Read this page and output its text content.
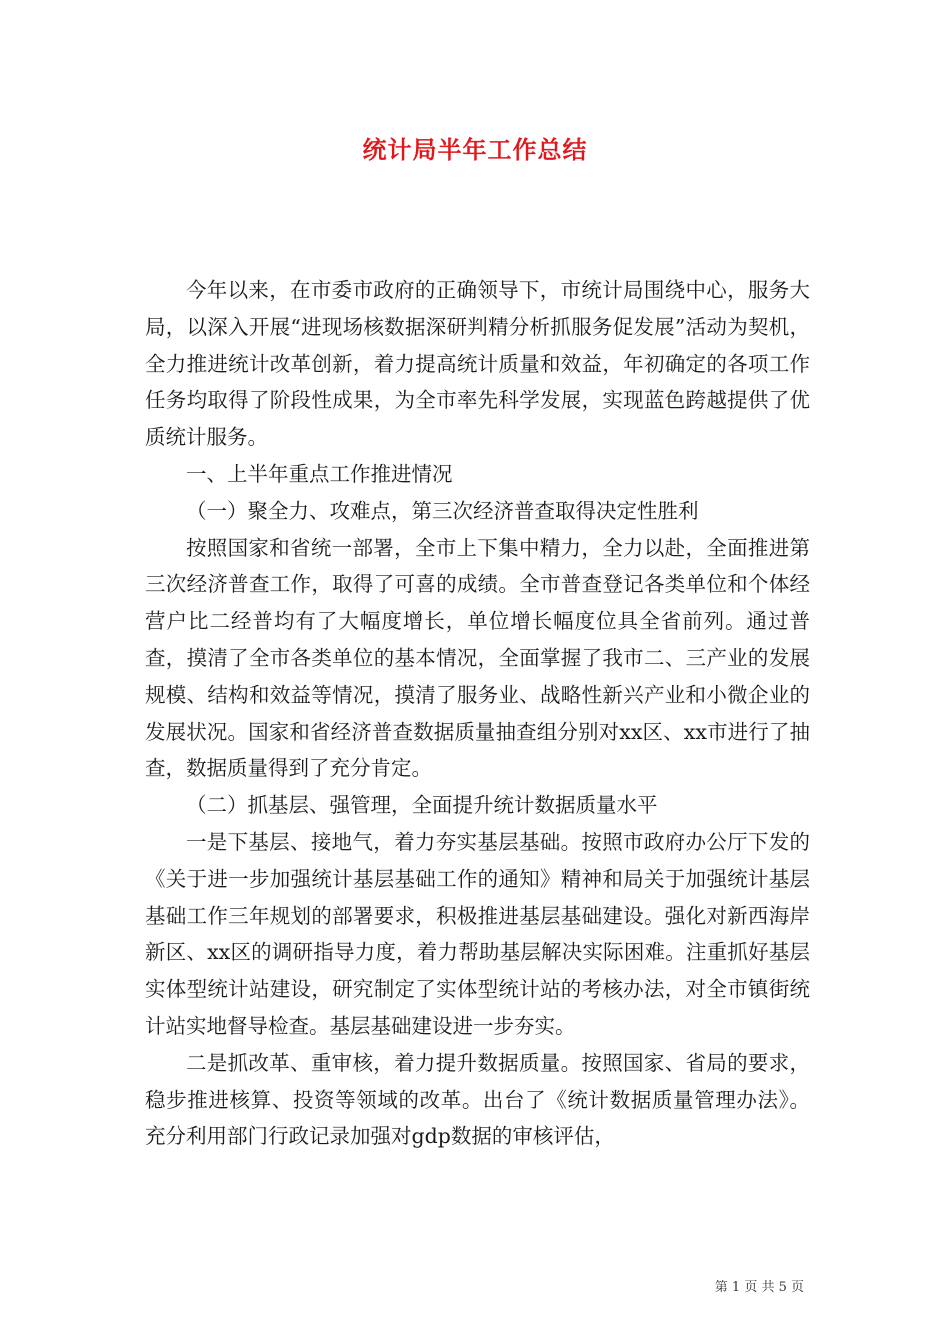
统计局半年工作总结

今年以来，在市委市政府的正确领导下，市统计局围绕中心，服务大局，以深入开展“进现场核数据深研判精分析抓服务促发展”活动为契机，全力推进统计改革创新，着力提高统计质量和效益，年初确定的各项工作任务均取得了阶段性成果，为全市率先科学发展，实现蓝色跨越提供了优质统计服务。

一、上半年重点工作推进情况

（一）聚全力、攻难点，第三次经济普查取得决定性胜利

按照国家和省统一部署，全市上下集中精力，全力以赴，全面推进第三次经济普查工作，取得了可喜的成绩。全市普查登记各类单位和个体经营户比二经普均有了大幅度增长，单位增长幅度位具全省前列。通过普查，摸清了全市各类单位的基本情况，全面掌握了我市二、三产业的发展规模、结构和效益等情况，摸清了服务业、战略性新兴产业和小微企业的发展状况。国家和省经济普查数据质量抽查组分别对xx区、xx市进行了抽查，数据质量得到了充分肯定。

（二）抓基层、强管理，全面提升统计数据质量水平

一是下基层、接地气，着力夯实基层基础。按照市政府办公厅下发的《关于进一步加强统计基层基础工作的通知》精神和局关于加强统计基层基础工作三年规划的部署要求，积极推进基层基础建设。强化对新西海岸新区、xx区的调研指导力度，着力帮助基层解决实际困难。注重抓好基层实体型统计站建设，研究制定了实体型统计站的考核办法，对全市镇街统计站实地督导检查。基层基础建设进一步夯实。

二是抓改革、重审核，着力提升数据质量。按照国家、省局的要求，稳步推进核算、投资等领域的改革。出台了《统计数据质量管理办法》。充分利用部门行政记录加强对gdp数据的审核评估，

第 1 页 共 5 页
